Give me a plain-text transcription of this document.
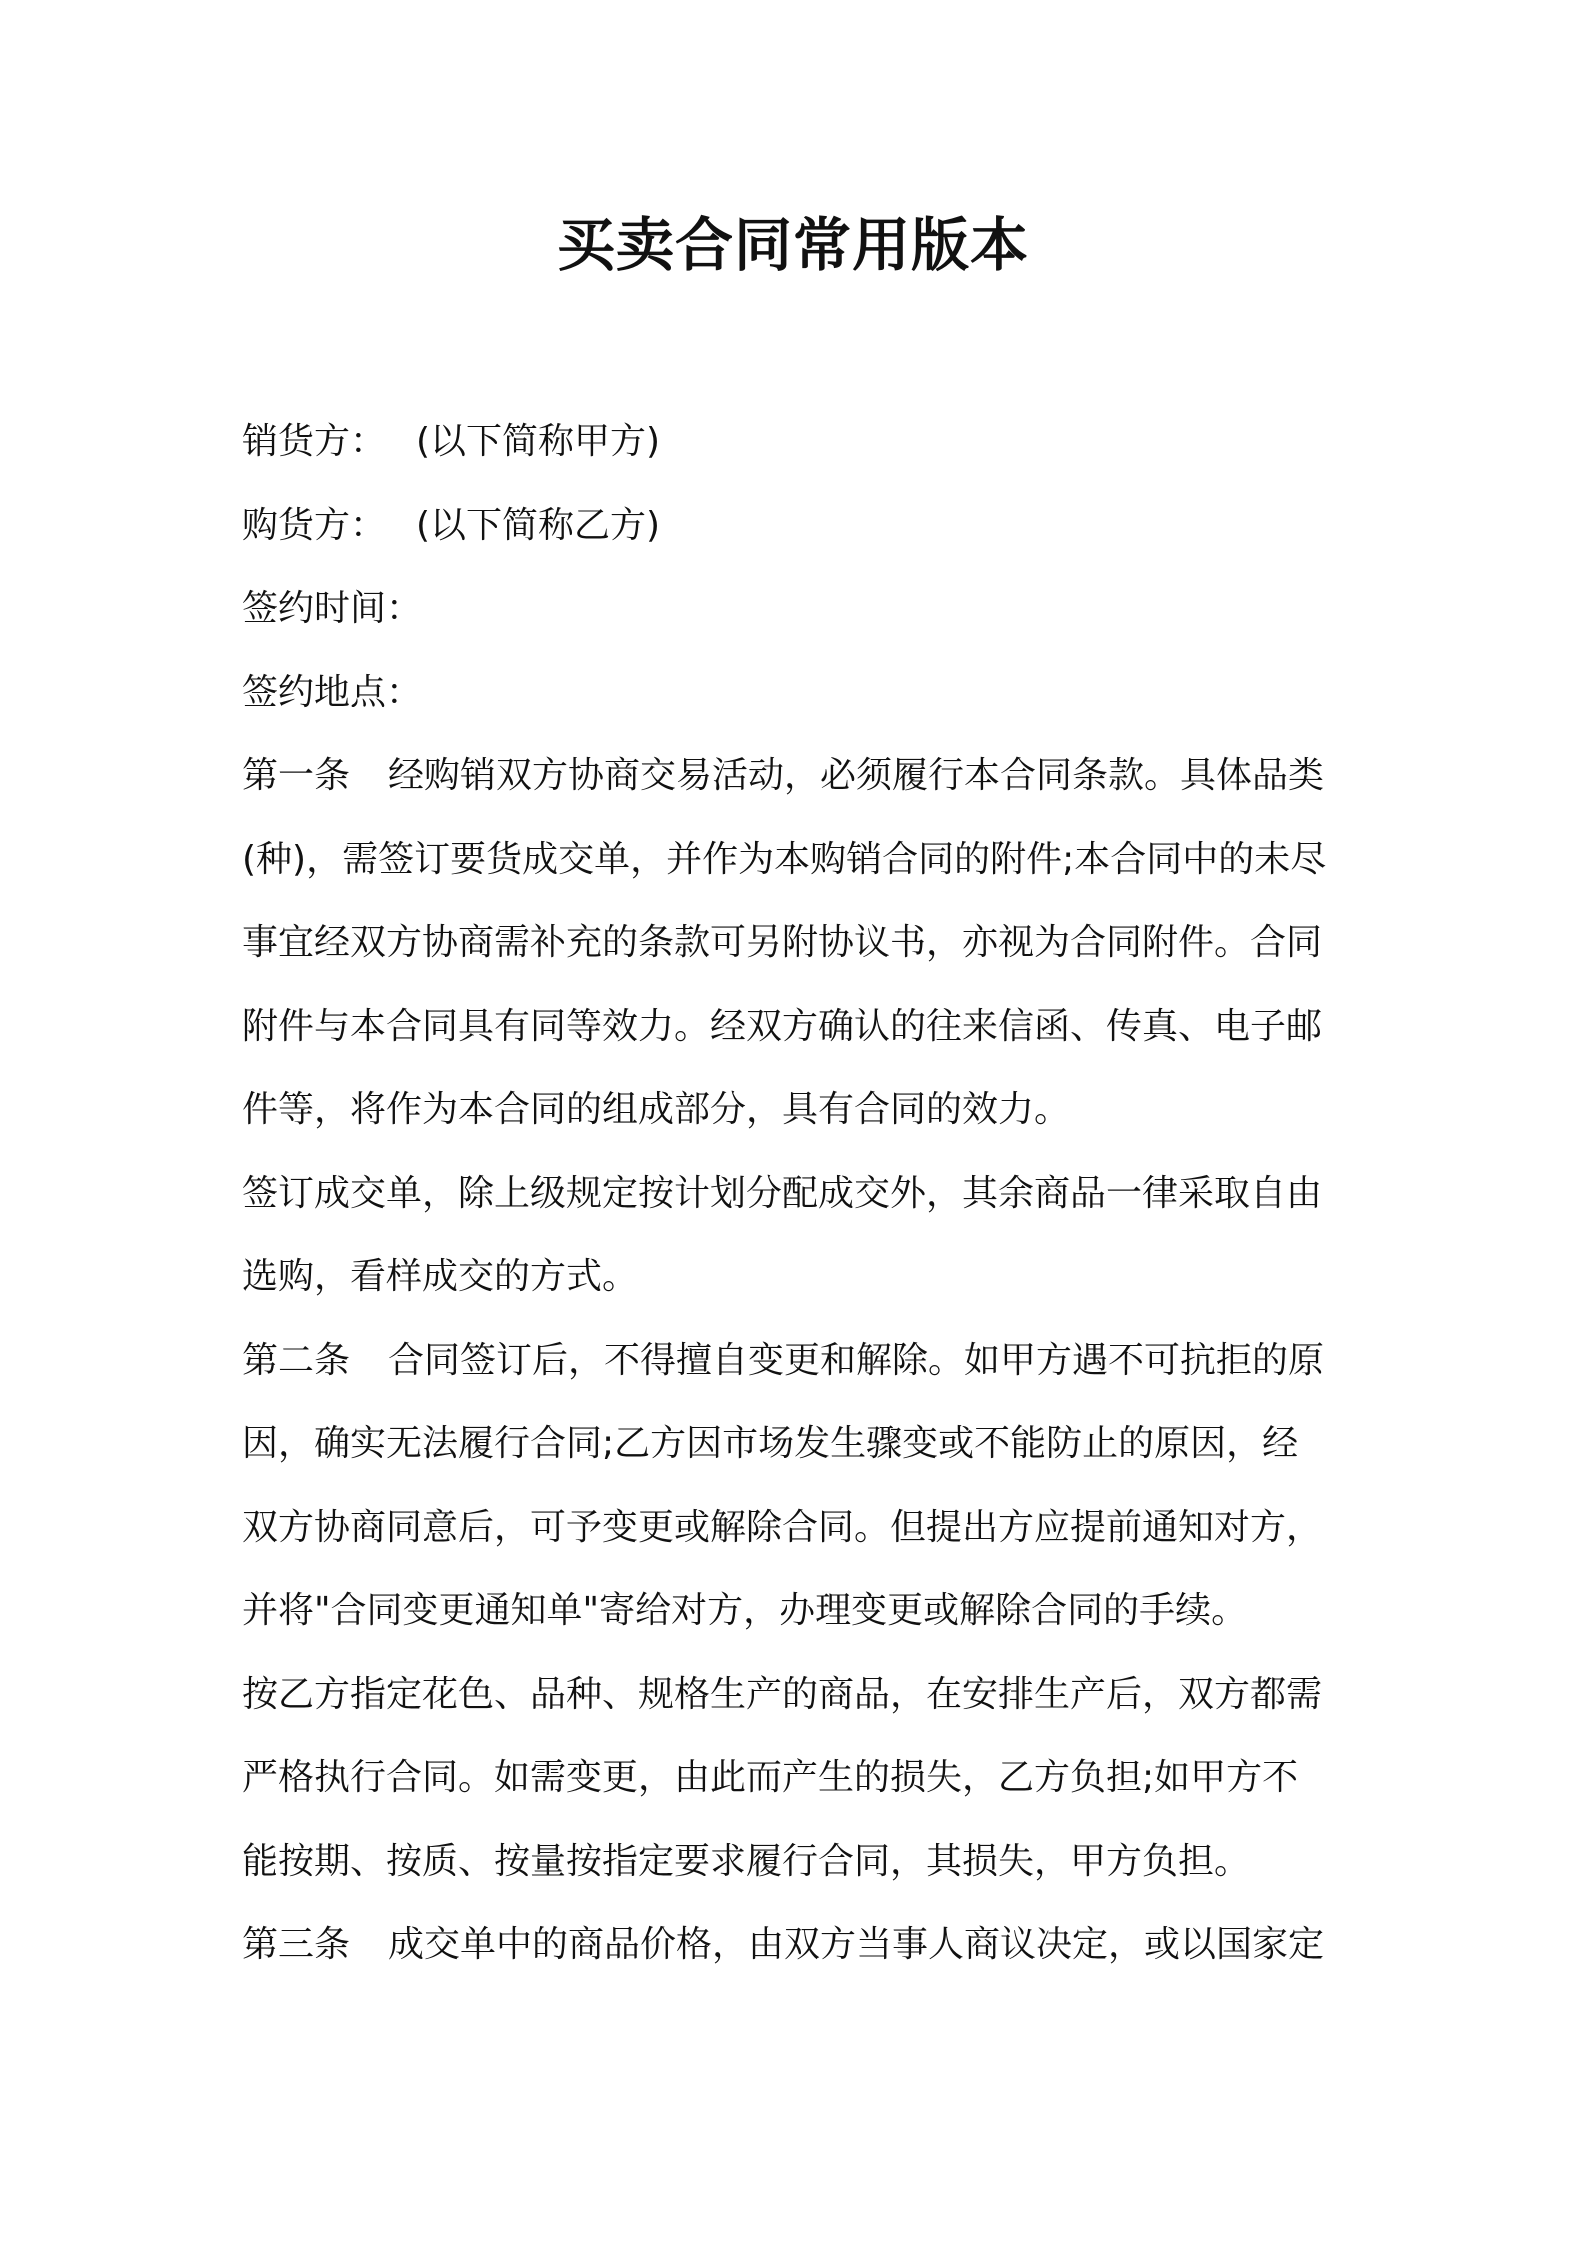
买卖合同常用版本
销货方： (以下简称甲方)
购货方： (以下简称乙方)
签约时间：
签约地点：
第一条 经购销双方协商交易活动，必须履行本合同条款。具体品类
(种)，需签订要货成交单，并作为本购销合同的附件;本合同中的未尽
事宜经双方协商需补充的条款可另附协议书，亦视为合同附件。合同
附件与本合同具有同等效力。经双方确认的往来信函、传真、电子邮
件等，将作为本合同的组成部分，具有合同的效力。
签订成交单，除上级规定按计划分配成交外，其余商品一律采取自由
选购，看样成交的方式。
第二条 合同签订后，不得擅自变更和解除。如甲方遇不可抗拒的原
因，确实无法履行合同;乙方因市场发生骤变或不能防止的原因，经
双方协商同意后，可予变更或解除合同。但提出方应提前通知对方，
并将"合同变更通知单"寄给对方，办理变更或解除合同的手续。
按乙方指定花色、品种、规格生产的商品，在安排生产后，双方都需
严格执行合同。如需变更，由此而产生的损失，乙方负担;如甲方不
能按期、按质、按量按指定要求履行合同，其损失，甲方负担。
第三条 成交单中的商品价格，由双方当事人商议决定，或以国家定
